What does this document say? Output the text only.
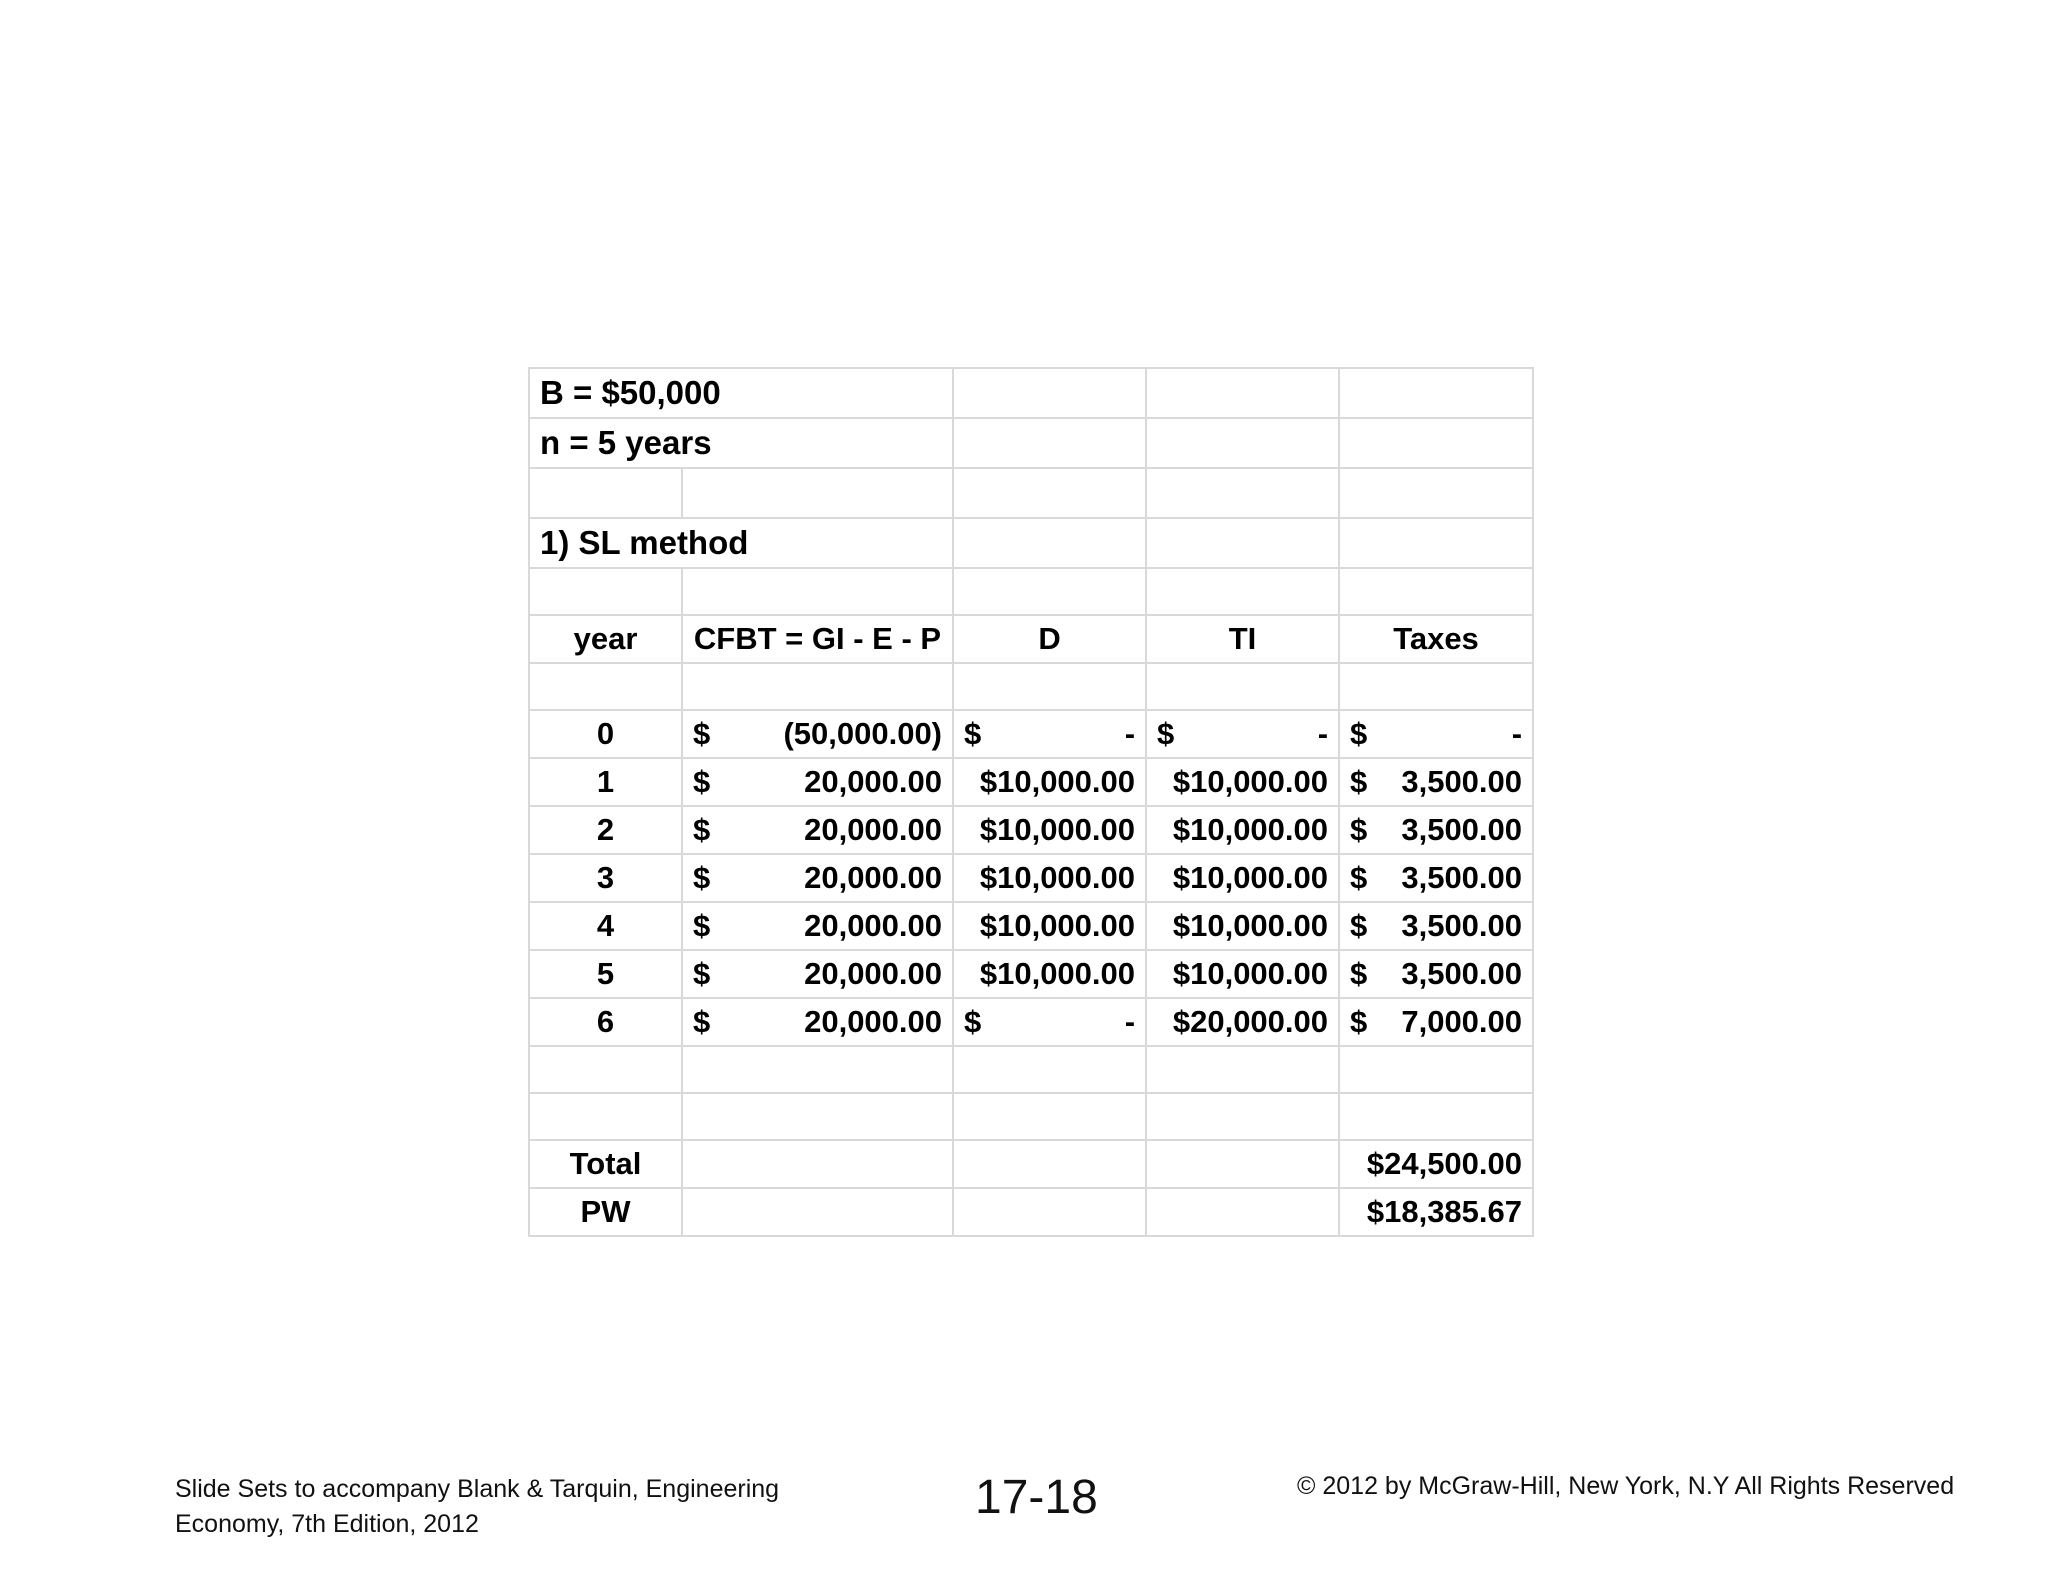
B = $50,000				
n = 5 years				

1) SL method				

year	CFBT = GI - E - P	D	TI	Taxes

0	$ (50,000.00)	$ -	$ -	$ -

1	$ 20,000.00	$10,000.00	$10,000.00	$ 3,500.00

2	$ 20,000.00	$10,000.00	$10,000.00	$ 3,500.00

3	$ 20,000.00	$10,000.00	$10,000.00	$ 3,500.00

4	$ 20,000.00	$10,000.00	$10,000.00	$ 3,500.00

5	$ 20,000.00	$10,000.00	$10,000.00	$ 3,500.00

6	$ 20,000.00	$ -	$20,000.00	$ 7,000.00

Total				$24,500.00
PW				$18,385.67
Slide Sets to accompany Blank & Tarquin, Engineering
Economy, 7th Edition, 2012	17-18	© 2012 by McGraw-Hill, New York, N.Y All Rights Reserved
